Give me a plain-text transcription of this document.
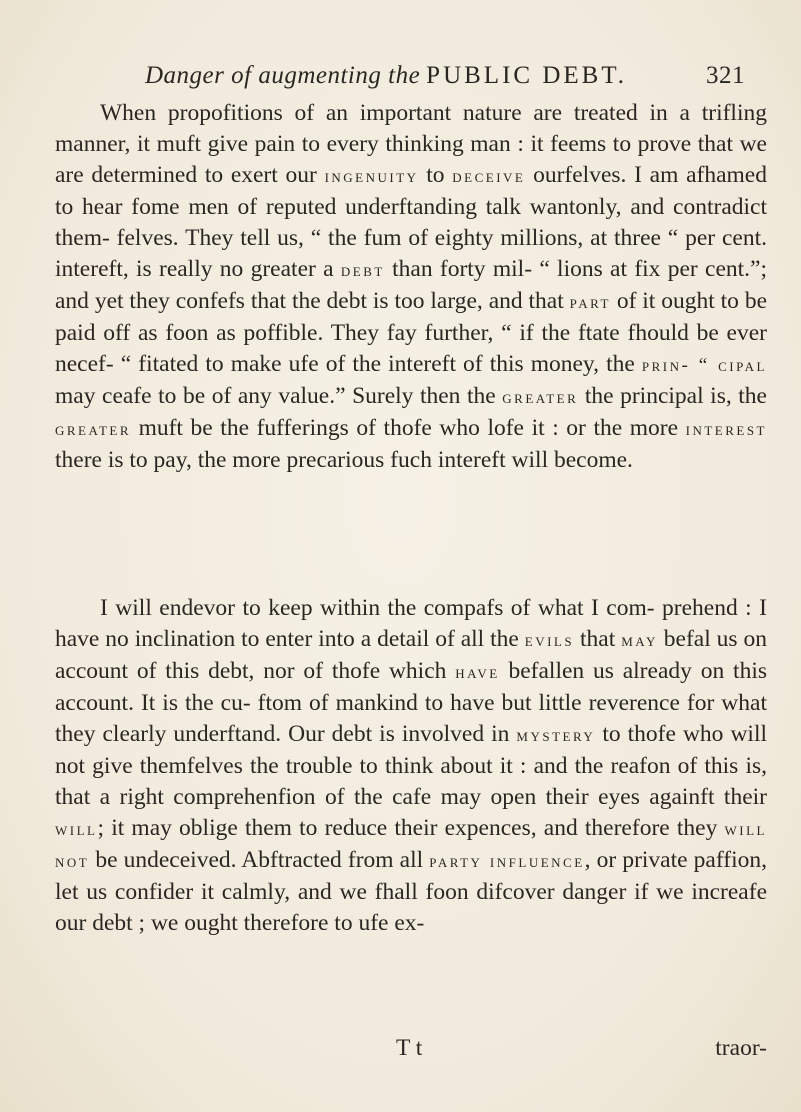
Danger of augmenting the PUBLIC DEBT.	321

When propofitions of an important nature are treated in a trifling manner, it muft give pain to every thinking man : it feems to prove that we are determined to exert our ingenuity to deceive ourfelves. I am afhamed to hear fome men of reputed underftanding talk wantonly, and contradict them- felves. They tell us, “ the fum of eighty millions, at three “ per cent. intereft, is really no greater a debt than forty mil- “ lions at fix per cent.”; and yet they confefs that the debt is too large, and that part of it ought to be paid off as foon as poffible. They fay further, “ if the ftate fhould be ever necef- “ fitated to make ufe of the intereft of this money, the prin- “ cipal may ceafe to be of any value.” Surely then the greater the principal is, the greater muft be the fufferings of thofe who lofe it : or the more interest there is to pay, the more precarious fuch intereft will become.

I will endevor to keep within the compafs of what I com- prehend : I have no inclination to enter into a detail of all the evils that may befal us on account of this debt, nor of thofe which have befallen us already on this account. It is the cu- ftom of mankind to have but little reverence for what they clearly underftand. Our debt is involved in mystery to thofe who will not give themfelves the trouble to think about it : and the reafon of this is, that a right comprehenfion of the cafe may open their eyes againft their will; it may oblige them to reduce their expences, and therefore they will not be undeceived. Abftracted from all party influence, or private paffion, let us confider it calmly, and we fhall foon difcover danger if we increafe our debt ; we ought therefore to ufe ex-

T t	traor-
